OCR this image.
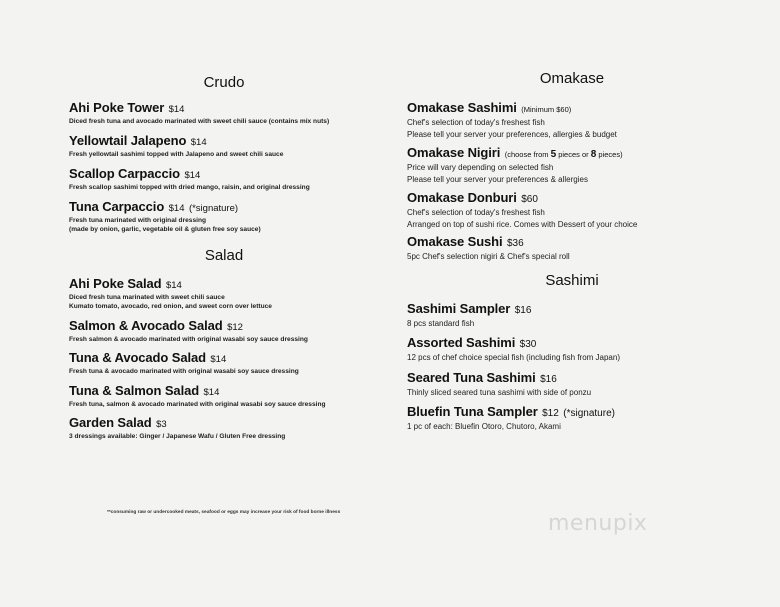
Crudo
Ahi Poke Tower $14
Diced fresh tuna and avocado marinated with sweet chili sauce (contains mix nuts)
Yellowtail Jalapeno $14
Fresh yellowtail sashimi topped with Jalapeno and sweet chili sauce
Scallop Carpaccio $14
Fresh scallop sashimi topped with dried mango, raisin, and original dressing
Tuna Carpaccio $14 (*signature)
Fresh tuna marinated with original dressing
(made by onion, garlic, vegetable oil & gluten free soy sauce)
Salad
Ahi Poke Salad $14
Diced fresh tuna marinated with sweet chili sauce
Kumato tomato, avocado, red onion, and sweet corn over lettuce
Salmon & Avocado Salad $12
Fresh salmon & avocado marinated with original wasabi soy sauce dressing
Tuna & Avocado Salad $14
Fresh tuna & avocado marinated with original wasabi soy sauce dressing
Tuna & Salmon Salad $14
Fresh tuna, salmon & avocado marinated with original wasabi soy sauce dressing
Garden Salad $3
3 dressings available: Ginger / Japanese Wafu / Gluten Free dressing
**consuming raw or undercooked meats, seafood or eggs may increase your risk of food borne illness
Omakase
Omakase Sashimi (Minimum $60)
Chef's selection of today's freshest fish
Please tell your server your preferences, allergies & budget
Omakase Nigiri (choose from 5 pieces or 8 pieces)
Price will vary depending on selected fish
Please tell your server your preferences & allergies
Omakase Donburi $60
Chef's selection of today's freshest fish
Arranged on top of sushi rice. Comes with Dessert of your choice
Omakase Sushi $36
5pc Chef's selection nigiri & Chef's special roll
Sashimi
Sashimi Sampler $16
8 pcs standard fish
Assorted Sashimi $30
12 pcs of chef choice special fish (including fish from Japan)
Seared Tuna Sashimi $16
Thinly sliced seared tuna sashimi with side of ponzu
Bluefin Tuna Sampler $12 (*signature)
1 pc of each: Bluefin Otoro, Chutoro, Akami
menupix
